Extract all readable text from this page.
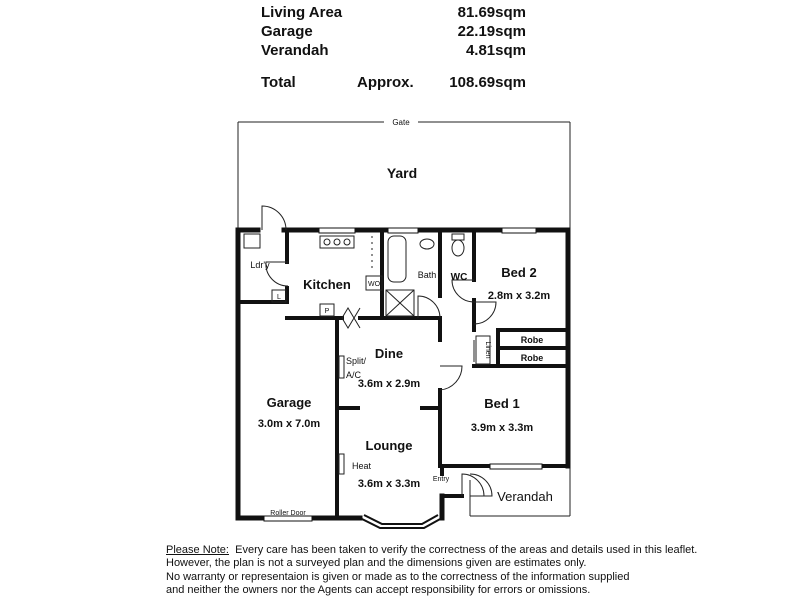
Living Area	81.69sqm
Garage	22.19sqm
Verandah	4.81sqm
Total	Approx. 108.69sqm
Gate
Yard
Ldr'y
L
Kitchen WO
P
Bath WC	Bed 2
2.8m x 3.2m
Robe
Robe
Linen
Dine
3.6m x 2.9m
Split/
A/C
Bed 1
3.9m x 3.3m
Garage
3.0m x 7.0m
Lounge
Heat
3.6m x 3.3m Entry
Verandah
Roller Door
Please Note: Every care has been taken to verify the correctness of the areas and details used in this leaflet.
However, the plan is not a surveyed plan and the dimensions given are estimates only.
No warranty or representaion is given or made as to the correctness of the information supplied
and neither the owners nor the Agents can accept responsibility for errors or omissions.
